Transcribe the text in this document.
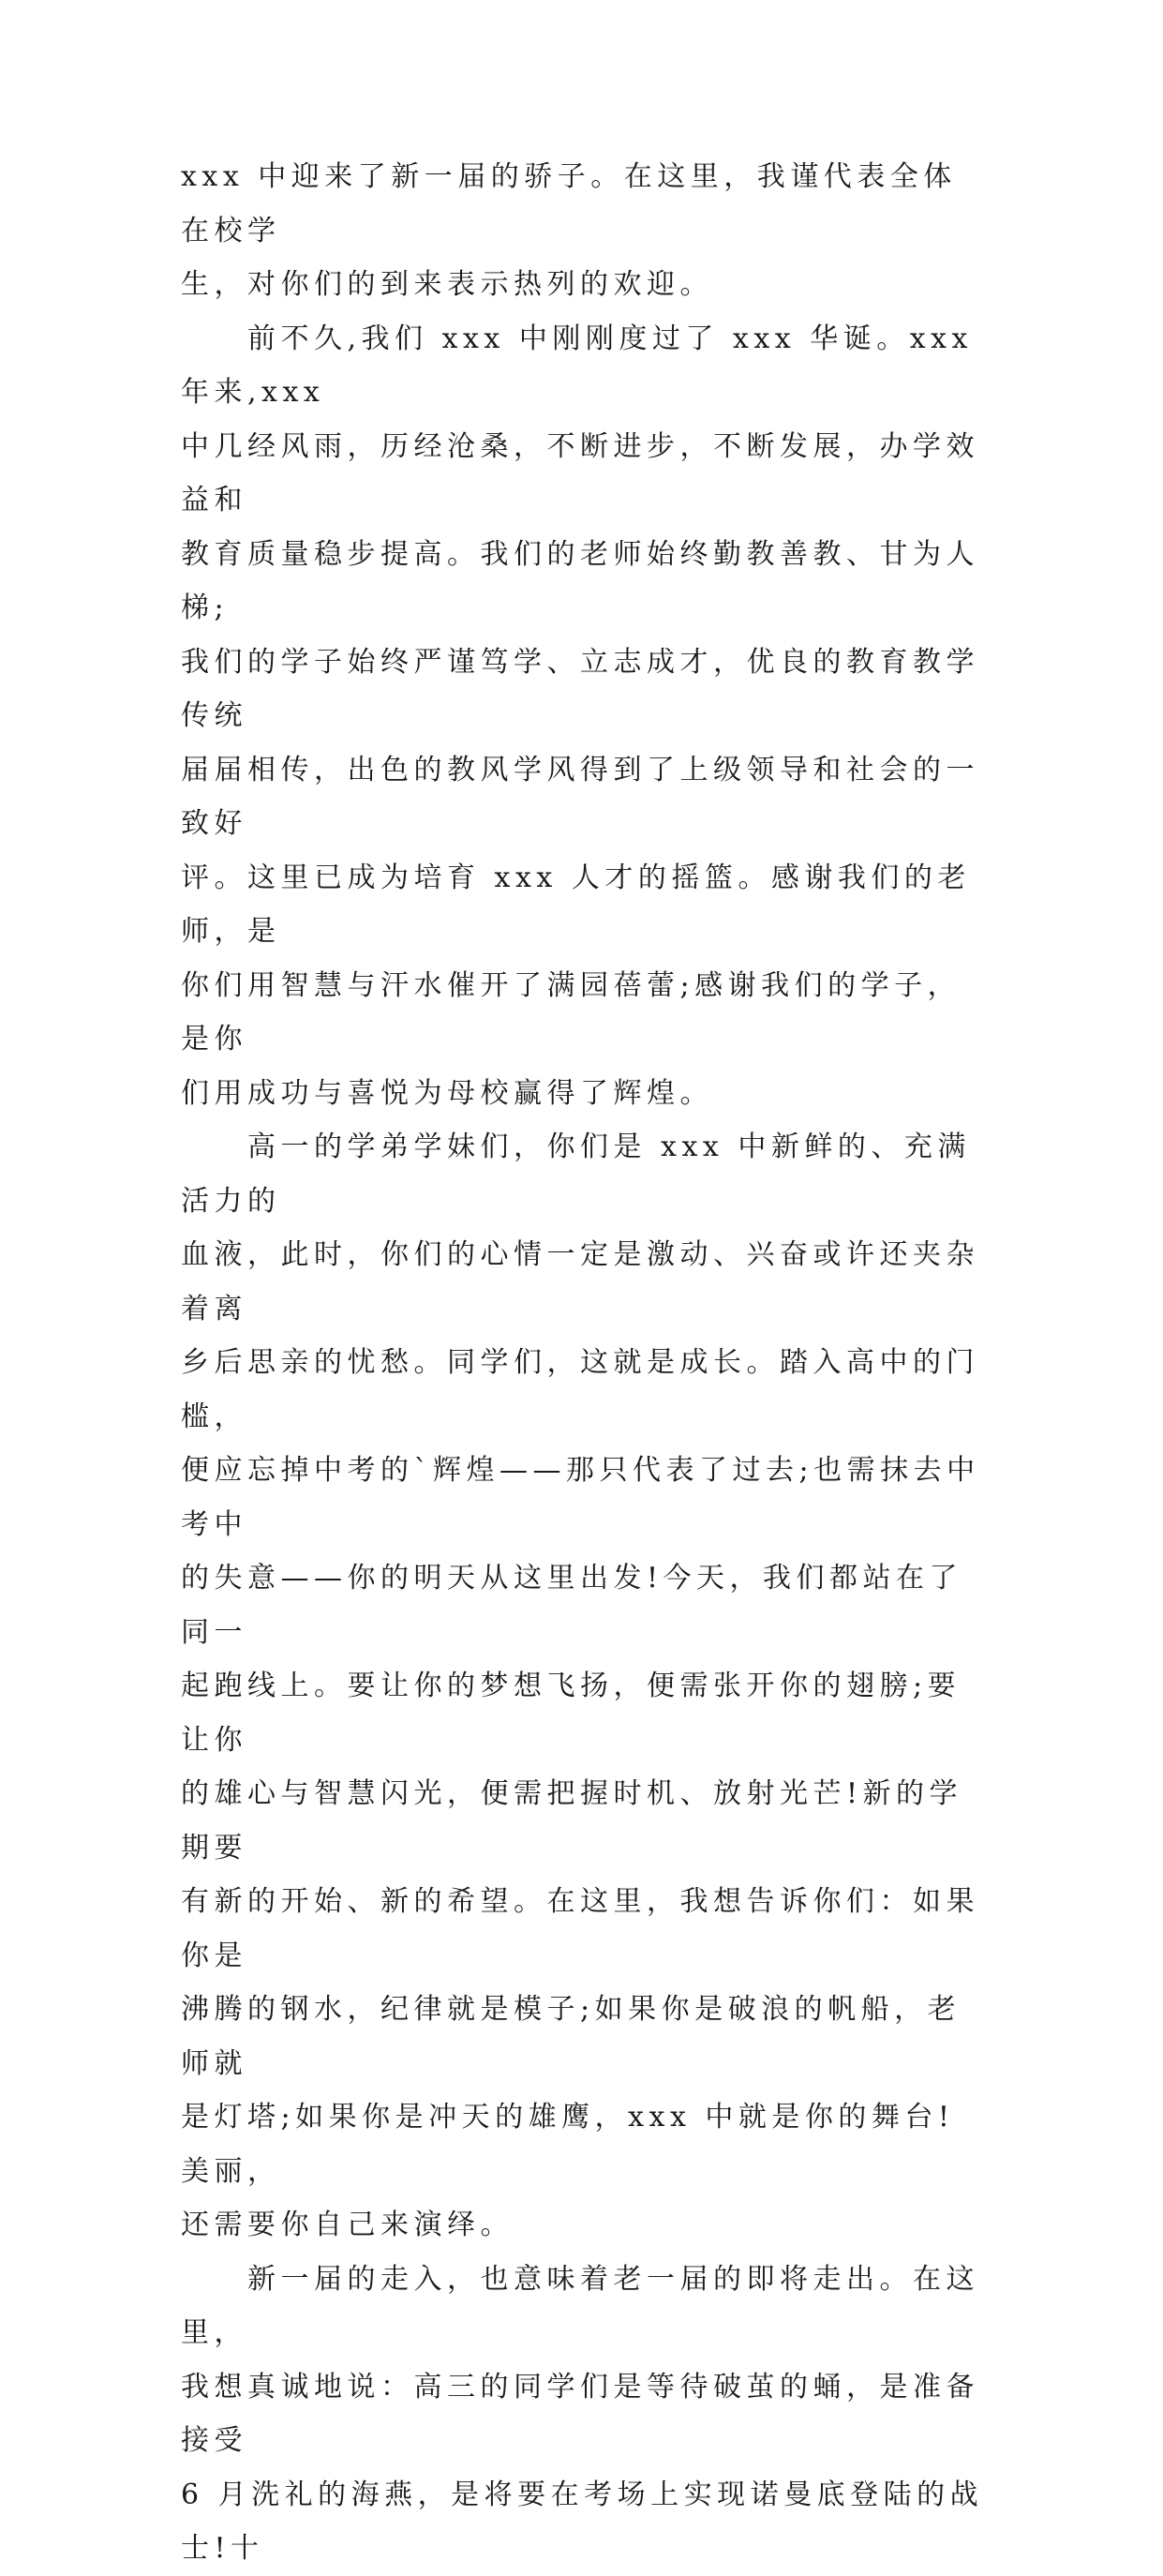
xxx 中迎来了新一届的骄子。在这里，我谨代表全体在校学

生，对你们的到来表示热列的欢迎。

　　前不久,我们 xxx 中刚刚度过了 xxx 华诞。xxx 年来,xxx

中几经风雨，历经沧桑，不断进步，不断发展，办学效益和

教育质量稳步提高。我们的老师始终勤教善教、甘为人梯;

我们的学子始终严谨笃学、立志成才，优良的教育教学传统

届届相传，出色的教风学风得到了上级领导和社会的一致好

评。这里已成为培育 xxx 人才的摇篮。感谢我们的老师，是

你们用智慧与汗水催开了满园蓓蕾;感谢我们的学子，是你

们用成功与喜悦为母校赢得了辉煌。

　　高一的学弟学妹们，你们是 xxx 中新鲜的、充满活力的

血液，此时，你们的心情一定是激动、兴奋或许还夹杂着离

乡后思亲的忧愁。同学们，这就是成长。踏入高中的门槛，

便应忘掉中考的`辉煌——那只代表了过去;也需抹去中考中

的失意——你的明天从这里出发!今天，我们都站在了同一

起跑线上。要让你的梦想飞扬，便需张开你的翅膀;要让你

的雄心与智慧闪光，便需把握时机、放射光芒!新的学期要

有新的开始、新的希望。在这里，我想告诉你们：如果你是

沸腾的钢水，纪律就是模子;如果你是破浪的帆船，老师就

是灯塔;如果你是冲天的雄鹰，xxx 中就是你的舞台!美丽，

还需要你自己来演绎。

　　新一届的走入，也意味着老一届的即将走出。在这里，

我想真诚地说：高三的同学们是等待破茧的蛹，是准备接受

6 月洗礼的海燕，是将要在考场上实现诺曼底登陆的战士!十
